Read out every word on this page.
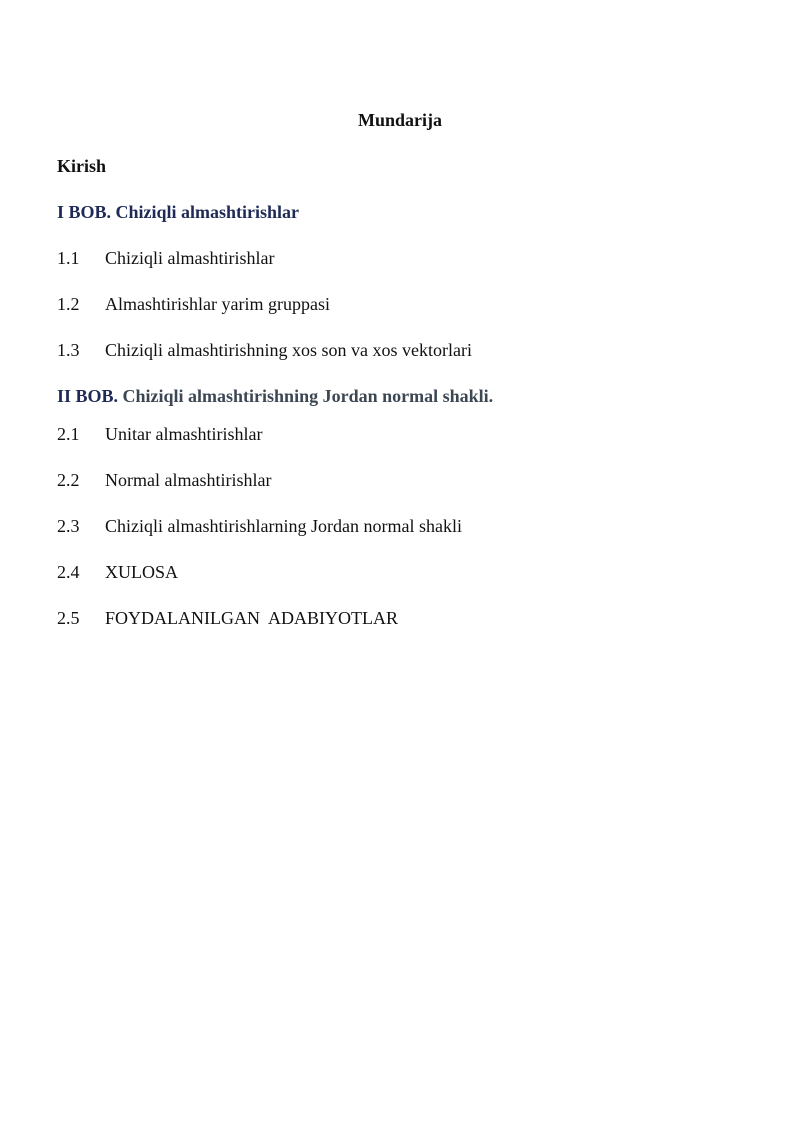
Mundarija
Kirish
I BOB. Chiziqli almashtirishlar
1.1 Chiziqli almashtirishlar
1.2 Almashtirishlar yarim gruppasi
1.3 Chiziqli almashtirishning xos son va xos vektorlari
II BOB. Chiziqli almashtirishning Jordan normal shakli.
2.1 Unitar almashtirishlar
2.2 Normal almashtirishlar
2.3 Chiziqli almashtirishlarning Jordan normal shakli
2.4 XULOSA
2.5 FOYDALANILGAN  ADABIYOTLAR
